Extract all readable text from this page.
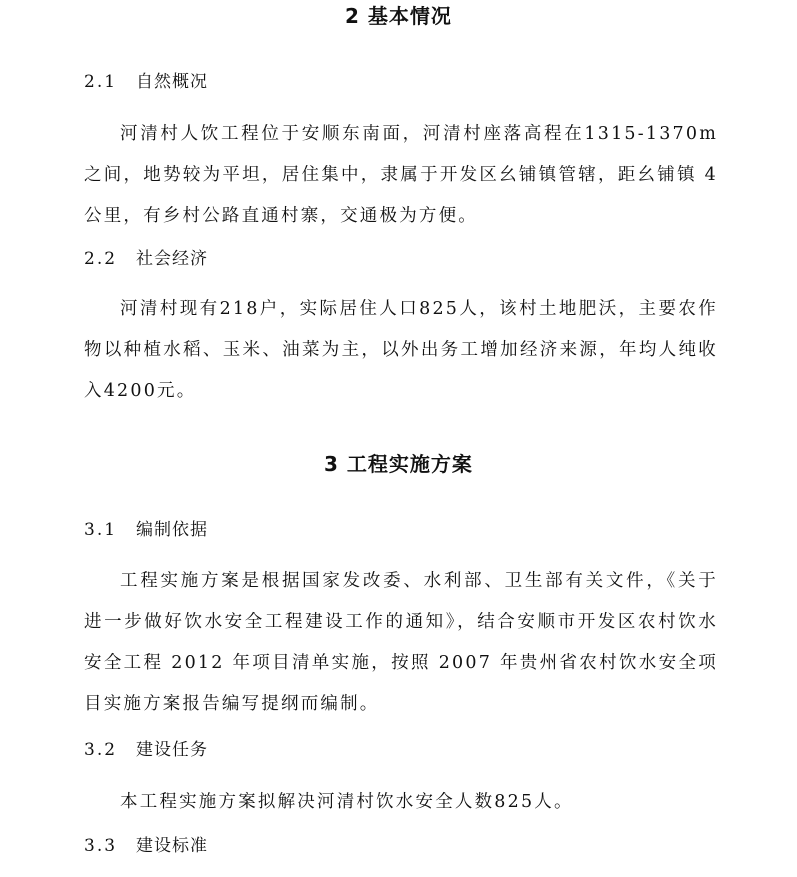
2 基本情况
2.1 自然概况

河清村人饮工程位于安顺东南面，河清村座落高程在1315-1370m之间，地势较为平坦，居住集中，隶属于开发区幺铺镇管辖，距幺铺镇 4公里，有乡村公路直通村寨，交通极为方便。

2.2 社会经济

河清村现有218户，实际居住人口825人，该村土地肥沃，主要农作物以种植水稻、玉米、油菜为主，以外出务工增加经济来源，年均人纯收入4200元。

3 工程实施方案
3.1 编制依据

工程实施方案是根据国家发改委、水利部、卫生部有关文件，《关于进一步做好饮水安全工程建设工作的通知》，结合安顺市开发区农村饮水安全工程 2012 年项目清单实施，按照 2007 年贵州省农村饮水安全项目实施方案报告编写提纲而编制。

3.2 建设任务

本工程实施方案拟解决河清村饮水安全人数825人。

3.3 建设标准
